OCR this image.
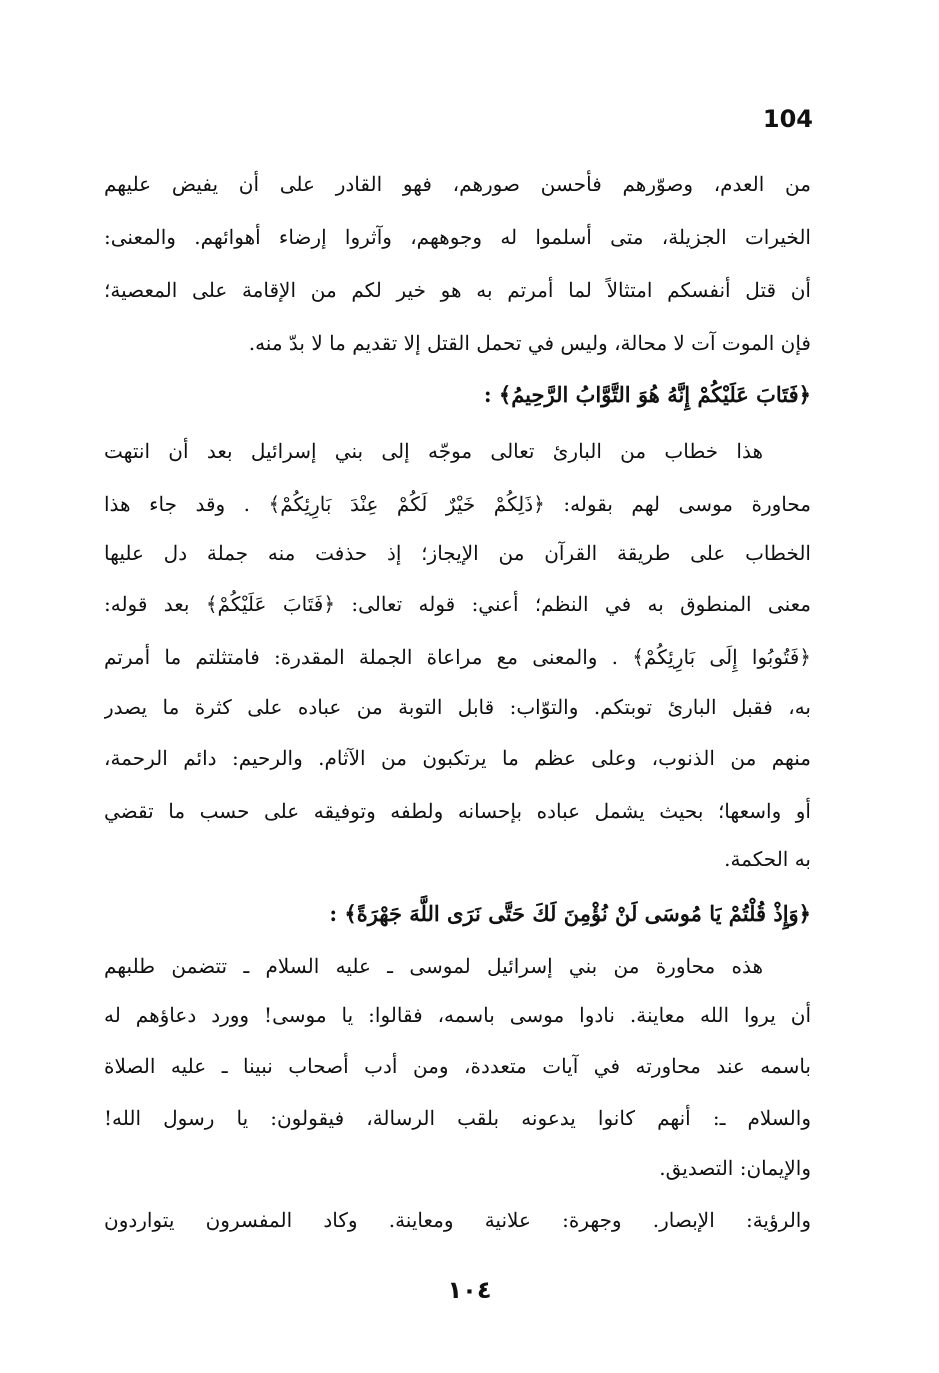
104
من العدم، وصوّرهم فأحسن صورهم، فهو القادر على أن يفيض عليهم
الخيرات الجزيلة، متى أسلموا له وجوههم، وآثروا إرضاء أهوائهم. والمعنى:
أن قتل أنفسكم امتثالاً لما أمرتم به هو خير لكم من الإقامة على المعصية؛
فإن الموت آت لا محالة، وليس في تحمل القتل إلا تقديم ما لا بدّ منه.
﴿فَتَابَ عَلَيْكُمْ إِنَّهُ هُوَ التَّوَّابُ الرَّحِيمُ﴾ :
هذا خطاب من البارئ تعالى موجّه إلى بني إسرائيل بعد أن انتهت
محاورة موسى لهم بقوله: ﴿ذَلِكُمْ خَيْرٌ لَكُمْ عِنْدَ بَارِئِكُمْ﴾ . وقد جاء هذا
الخطاب على طريقة القرآن من الإيجاز؛ إذ حذفت منه جملة دل عليها
معنى المنطوق به في النظم؛ أعني: قوله تعالى: ﴿فَتَابَ عَلَيْكُمْ﴾ بعد قوله:
﴿فَتُوبُوا إِلَى بَارِئِكُمْ﴾ . والمعنى مع مراعاة الجملة المقدرة: فامتثلتم ما أمرتم
به، فقبل البارئ توبتكم. والتوّاب: قابل التوبة من عباده على كثرة ما يصدر
منهم من الذنوب، وعلى عظم ما يرتكبون من الآثام. والرحيم: دائم الرحمة،
أو واسعها؛ بحيث يشمل عباده بإحسانه ولطفه وتوفيقه على حسب ما تقضي
به الحكمة.
﴿وَإِذْ قُلْتُمْ يَا مُوسَى لَنْ نُؤْمِنَ لَكَ حَتَّى نَرَى اللَّهَ جَهْرَةً﴾ :
هذه محاورة من بني إسرائيل لموسى ـ عليه السلام ـ تتضمن طلبهم
أن يروا الله معاينة. نادوا موسى باسمه، فقالوا: يا موسى! وورد دعاؤهم له
باسمه عند محاورته في آيات متعددة، ومن أدب أصحاب نبينا ـ عليه الصلاة
والسلام ـ: أنهم كانوا يدعونه بلقب الرسالة، فيقولون: يا رسول الله!
والإيمان: التصديق.
والرؤية: الإبصار. وجهرة: علانية ومعاينة. وكاد المفسرون يتواردون
١٠٤
